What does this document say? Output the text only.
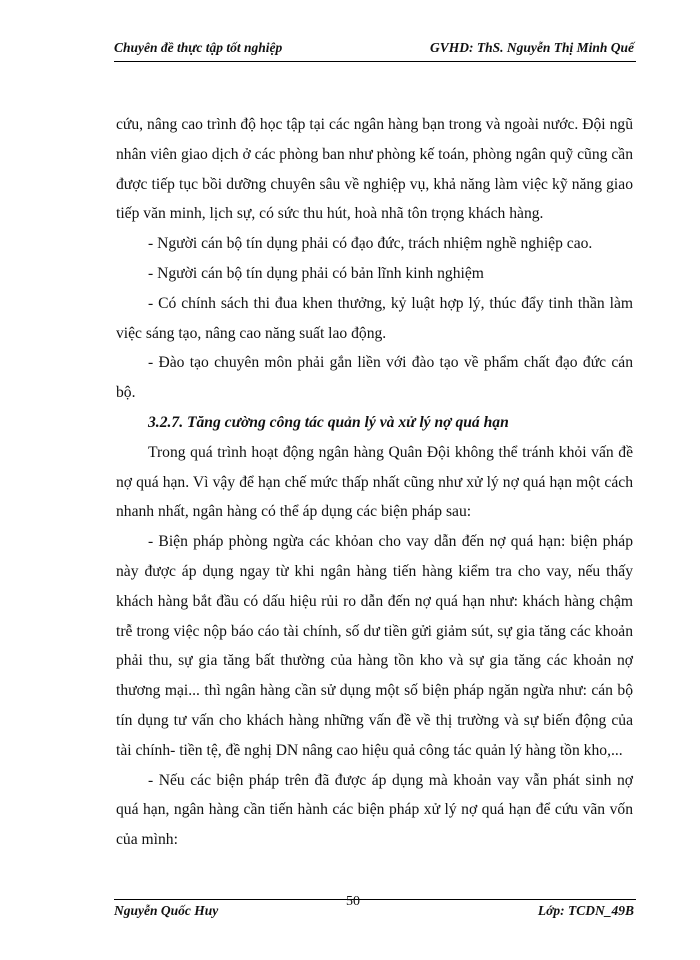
Chuyên đề thực tập tốt nghiệp	GVHD: ThS. Nguyễn Thị Minh Quế

cứu, nâng cao trình độ học tập tại các ngân hàng bạn trong và ngoài nước. Đội ngũ nhân viên giao dịch ở các phòng ban như phòng kế toán, phòng ngân quỹ cũng cần được tiếp tục bồi dưỡng chuyên sâu về nghiệp vụ, khả năng làm việc kỹ năng giao tiếp văn minh, lịch sự, có sức thu hút, hoà nhã tôn trọng khách hàng.

- Người cán bộ tín dụng phải có đạo đức, trách nhiệm nghề nghiệp cao.

- Người cán bộ tín dụng phải có bản lĩnh kinh nghiệm

- Có chính sách thi đua khen thưởng, kỷ luật hợp lý, thúc đẩy tinh thần làm việc sáng tạo, nâng cao năng suất lao động.

- Đào tạo chuyên môn phải gắn liền với đào tạo về phẩm chất đạo đức cán bộ.

3.2.7. Tăng cường công tác quản lý và xử lý nợ quá hạn

Trong quá trình hoạt động ngân hàng Quân Đội không thể tránh khỏi vấn đề nợ quá hạn. Vì vậy để hạn chế mức thấp nhất cũng như xử lý nợ quá hạn một cách nhanh nhất, ngân hàng có thể áp dụng các biện pháp sau:

- Biện pháp phòng ngừa các khỏan cho vay dẫn đến nợ quá hạn: biện pháp này được áp dụng ngay từ khi ngân hàng tiến hàng kiểm tra cho vay, nếu thấy khách hàng bắt đầu có dấu hiệu rủi ro dẫn đến nợ quá hạn như: khách hàng chậm trễ trong việc nộp báo cáo tài chính, số dư tiền gửi giảm sút, sự gia tăng các khoản phải thu, sự gia tăng bất thường của hàng tồn kho và sự gia tăng các khoản nợ thương mại... thì ngân hàng cần sử dụng một số biện pháp ngăn ngừa như: cán bộ tín dụng tư vấn cho khách hàng những vấn đề về thị trường và sự biến động của tài chính- tiền tệ, đề nghị DN nâng cao hiệu quả công tác quản lý hàng tồn kho,...

- Nếu các biện pháp trên đã được áp dụng mà khoản vay vẫn phát sinh nợ quá hạn, ngân hàng cần tiến hành các biện pháp xử lý nợ quá hạn để cứu vãn vốn của mình:

Nguyễn Quốc Huy
50
Lớp: TCDN_49B
